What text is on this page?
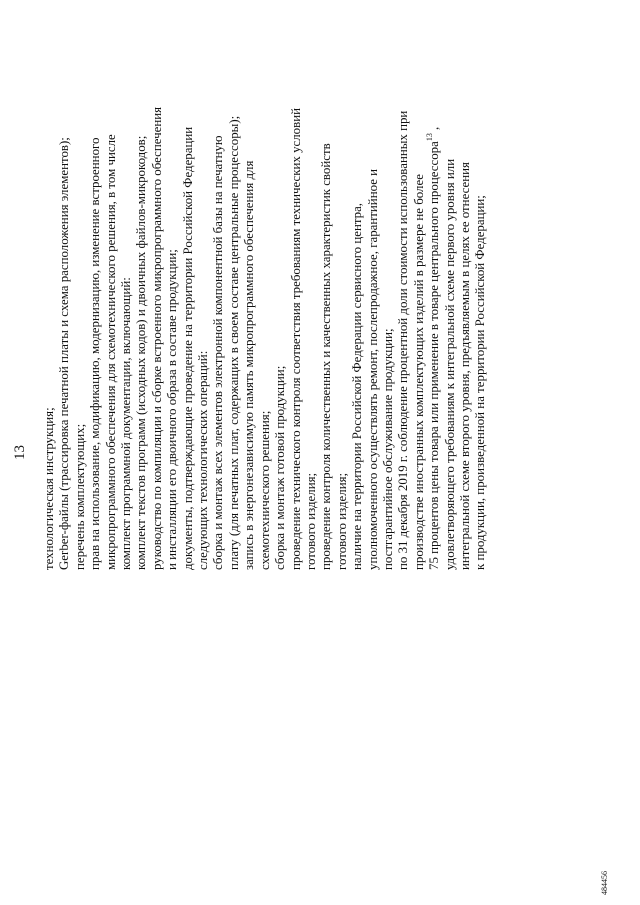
13 технологическая инструкция; Gerber-файлы (трассировка печатной платы и схема расположения элементов); перечень комплектующих; прав на использование, модификацию, модернизацию, изменение встроенного микропрограммного обеспечения для схемотехнического решения, в том числе комплект программной документации, включающий: комплект текстов программ (исходных кодов) и двоичных файлов-микрокодов; руководство по компиляции и сборке встроенного микропрограммного обеспечения и инсталляции его двоичного образа в составе продукции; документы, подтверждающие проведение на территории Российской Федерации следующих технологических операций: сборка и монтаж всех элементов электронной компонентной базы на печатную плату (для печатных плат, содержащих в своем составе центральные процессоры); запись в энергонезависимую память микропрограммного обеспечения для схемотехнического решения; сборка и монтаж готовой продукции; проведение технического контроля соответствия требованиям технических условий готового изделия; проведение контроля количественных и качественных характеристик свойств готового изделия; наличие на территории Российской Федерации сервисного центра, уполномоченного осуществлять ремонт, послепродажное, гарантийное и постгарантийное обслуживание продукции; по 31 декабря 2019 г. соблюдение процентной доли стоимости использованных при производстве иностранных комплектующих изделий в размере не более 75 процентов цены товара или применение в товаре центрального процессора$^{13}$ ,
удовлетворяющего требованиям к интегральной схеме первого уровня или интегральной схеме второго уровня, предъявляемым в целях ее отнесения к продукции, произведенной на территории Российской Федерации;
484456
